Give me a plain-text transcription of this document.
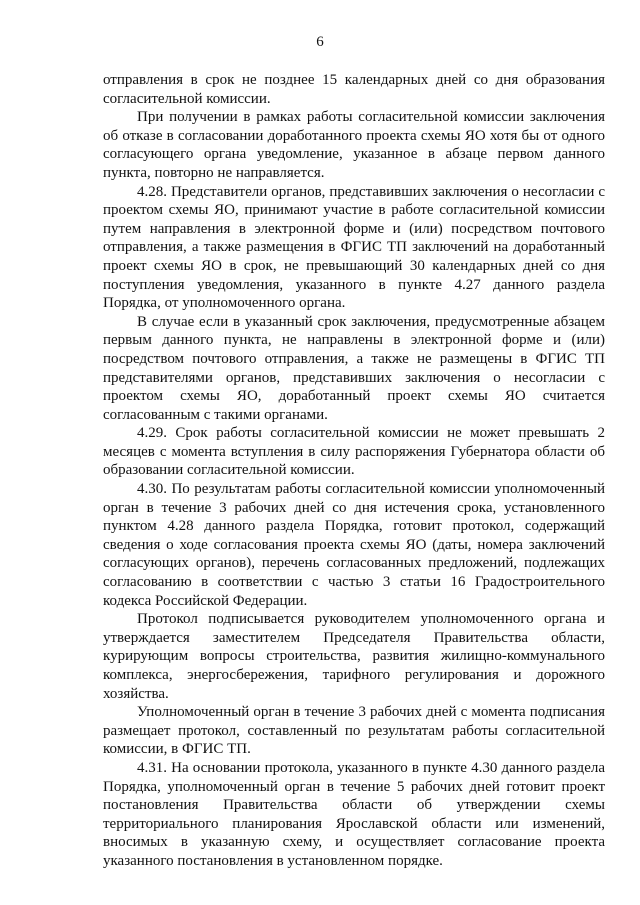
6

отправления в срок не позднее 15 календарных дней со дня образования согласительной комиссии.

При получении в рамках работы согласительной комиссии заключения об отказе в согласовании доработанного проекта схемы ЯО хотя бы от одного согласующего органа уведомление, указанное в абзаце первом данного пункта, повторно не направляется.

4.28. Представители органов, представивших заключения о несогласии с проектом схемы ЯО, принимают участие в работе согласительной комиссии путем направления в электронной форме и (или) посредством почтового отправления, а также размещения в ФГИС ТП заключений на доработанный проект схемы ЯО в срок, не превышающий 30 календарных дней со дня поступления уведомления, указанного в пункте 4.27 данного раздела Порядка, от уполномоченного органа.

В случае если в указанный срок заключения, предусмотренные абзацем первым данного пункта, не направлены в электронной форме и (или) посредством почтового отправления, а также не размещены в ФГИС ТП представителями органов, представивших заключения о несогласии с проектом схемы ЯО, доработанный проект схемы ЯО считается согласованным с такими органами.

4.29. Срок работы согласительной комиссии не может превышать 2 месяцев с момента вступления в силу распоряжения Губернатора области об образовании согласительной комиссии.

4.30. По результатам работы согласительной комиссии уполномоченный орган в течение 3 рабочих дней со дня истечения срока, установленного пунктом 4.28 данного раздела Порядка, готовит протокол, содержащий сведения о ходе согласования проекта схемы ЯО (даты, номера заключений согласующих органов), перечень согласованных предложений, подлежащих согласованию в соответствии с частью 3 статьи 16 Градостроительного кодекса Российской Федерации.

Протокол подписывается руководителем уполномоченного органа и утверждается заместителем Председателя Правительства области, курирующим вопросы строительства, развития жилищно-коммунального комплекса, энергосбережения, тарифного регулирования и дорожного хозяйства.

Уполномоченный орган в течение 3 рабочих дней с момента подписания размещает протокол, составленный по результатам работы согласительной комиссии, в ФГИС ТП.

4.31. На основании протокола, указанного в пункте 4.30 данного раздела Порядка, уполномоченный орган в течение 5 рабочих дней готовит проект постановления Правительства области об утверждении схемы территориального планирования Ярославской области или изменений, вносимых в указанную схему, и осуществляет согласование проекта указанного постановления в установленном порядке.
